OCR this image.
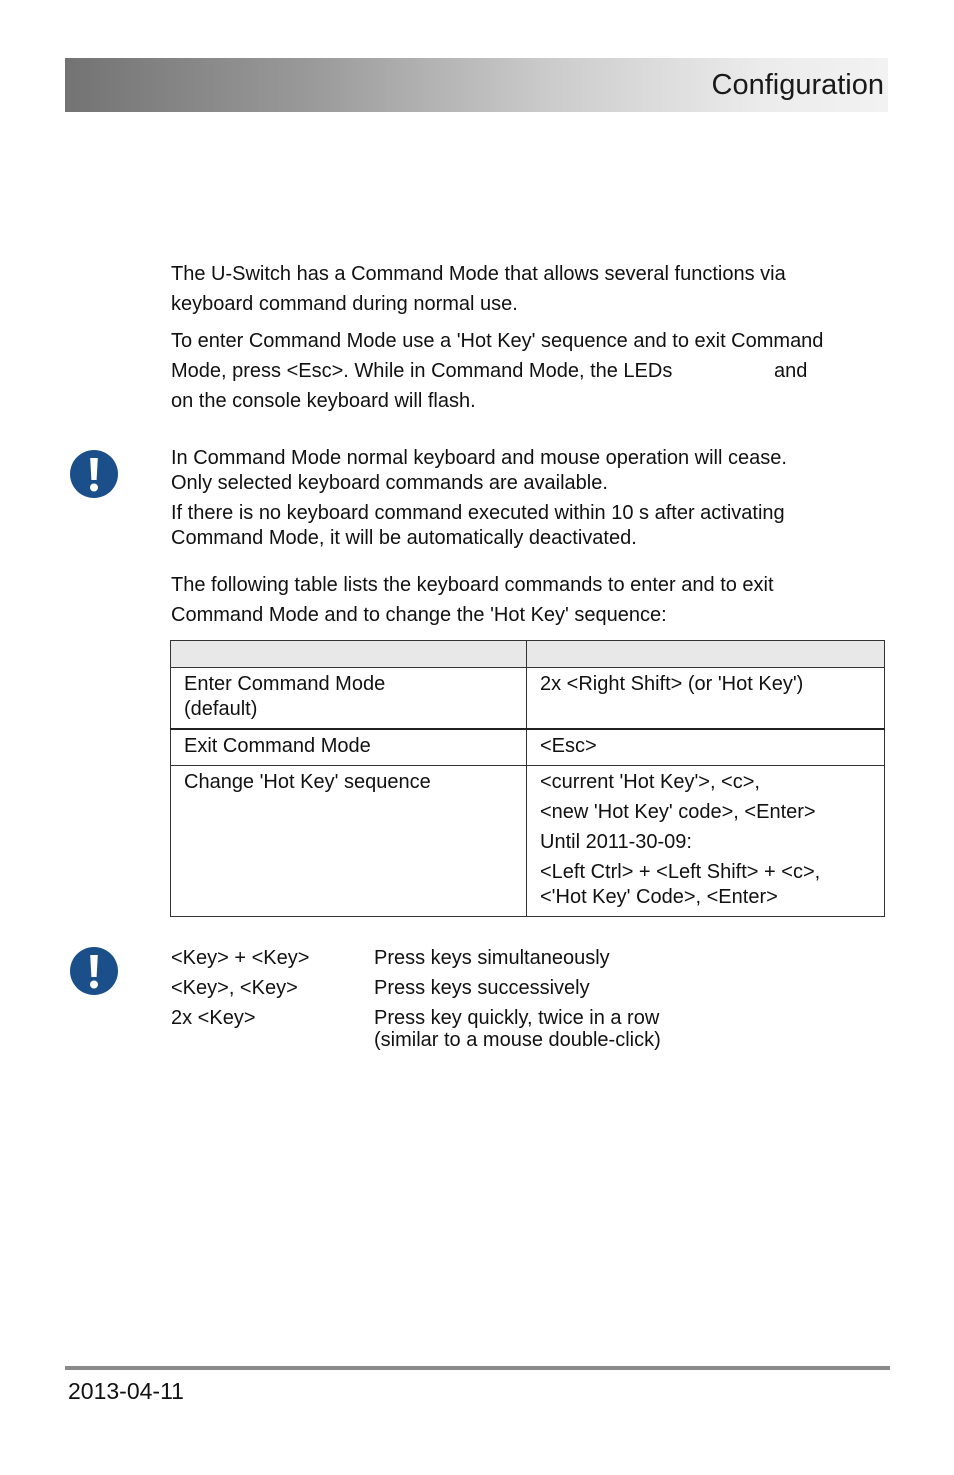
Configuration
The U-Switch has a Command Mode that allows several functions via
keyboard command during normal use.
To enter Command Mode use a 'Hot Key' sequence and to exit Command
Mode, press <Esc>. While in Command Mode, the LEDs	and
on the console keyboard will flash.
In Command Mode normal keyboard and mouse operation will cease.
Only selected keyboard commands are available.
If there is no keyboard command executed within 10 s after activating
Command Mode, it will be automatically deactivated.
The following table lists the keyboard commands to enter and to exit
Command Mode and to change the 'Hot Key' sequence:

Enter Command Mode
(default)	2x <Right Shift> (or 'Hot Key')

Exit Command Mode	<Esc>

Change 'Hot Key' sequence	<current 'Hot Key'>, <c>,
<new 'Hot Key' code>, <Enter>
Until 2011-30-09:
<Left Ctrl> + <Left Shift> + <c>,
<'Hot Key' Code>, <Enter>
<Key> + <Key>	Press keys simultaneously
<Key>, <Key>	Press keys successively
2x <Key>	Press key quickly, twice in a row
(similar to a mouse double-click)
2013-04-11
